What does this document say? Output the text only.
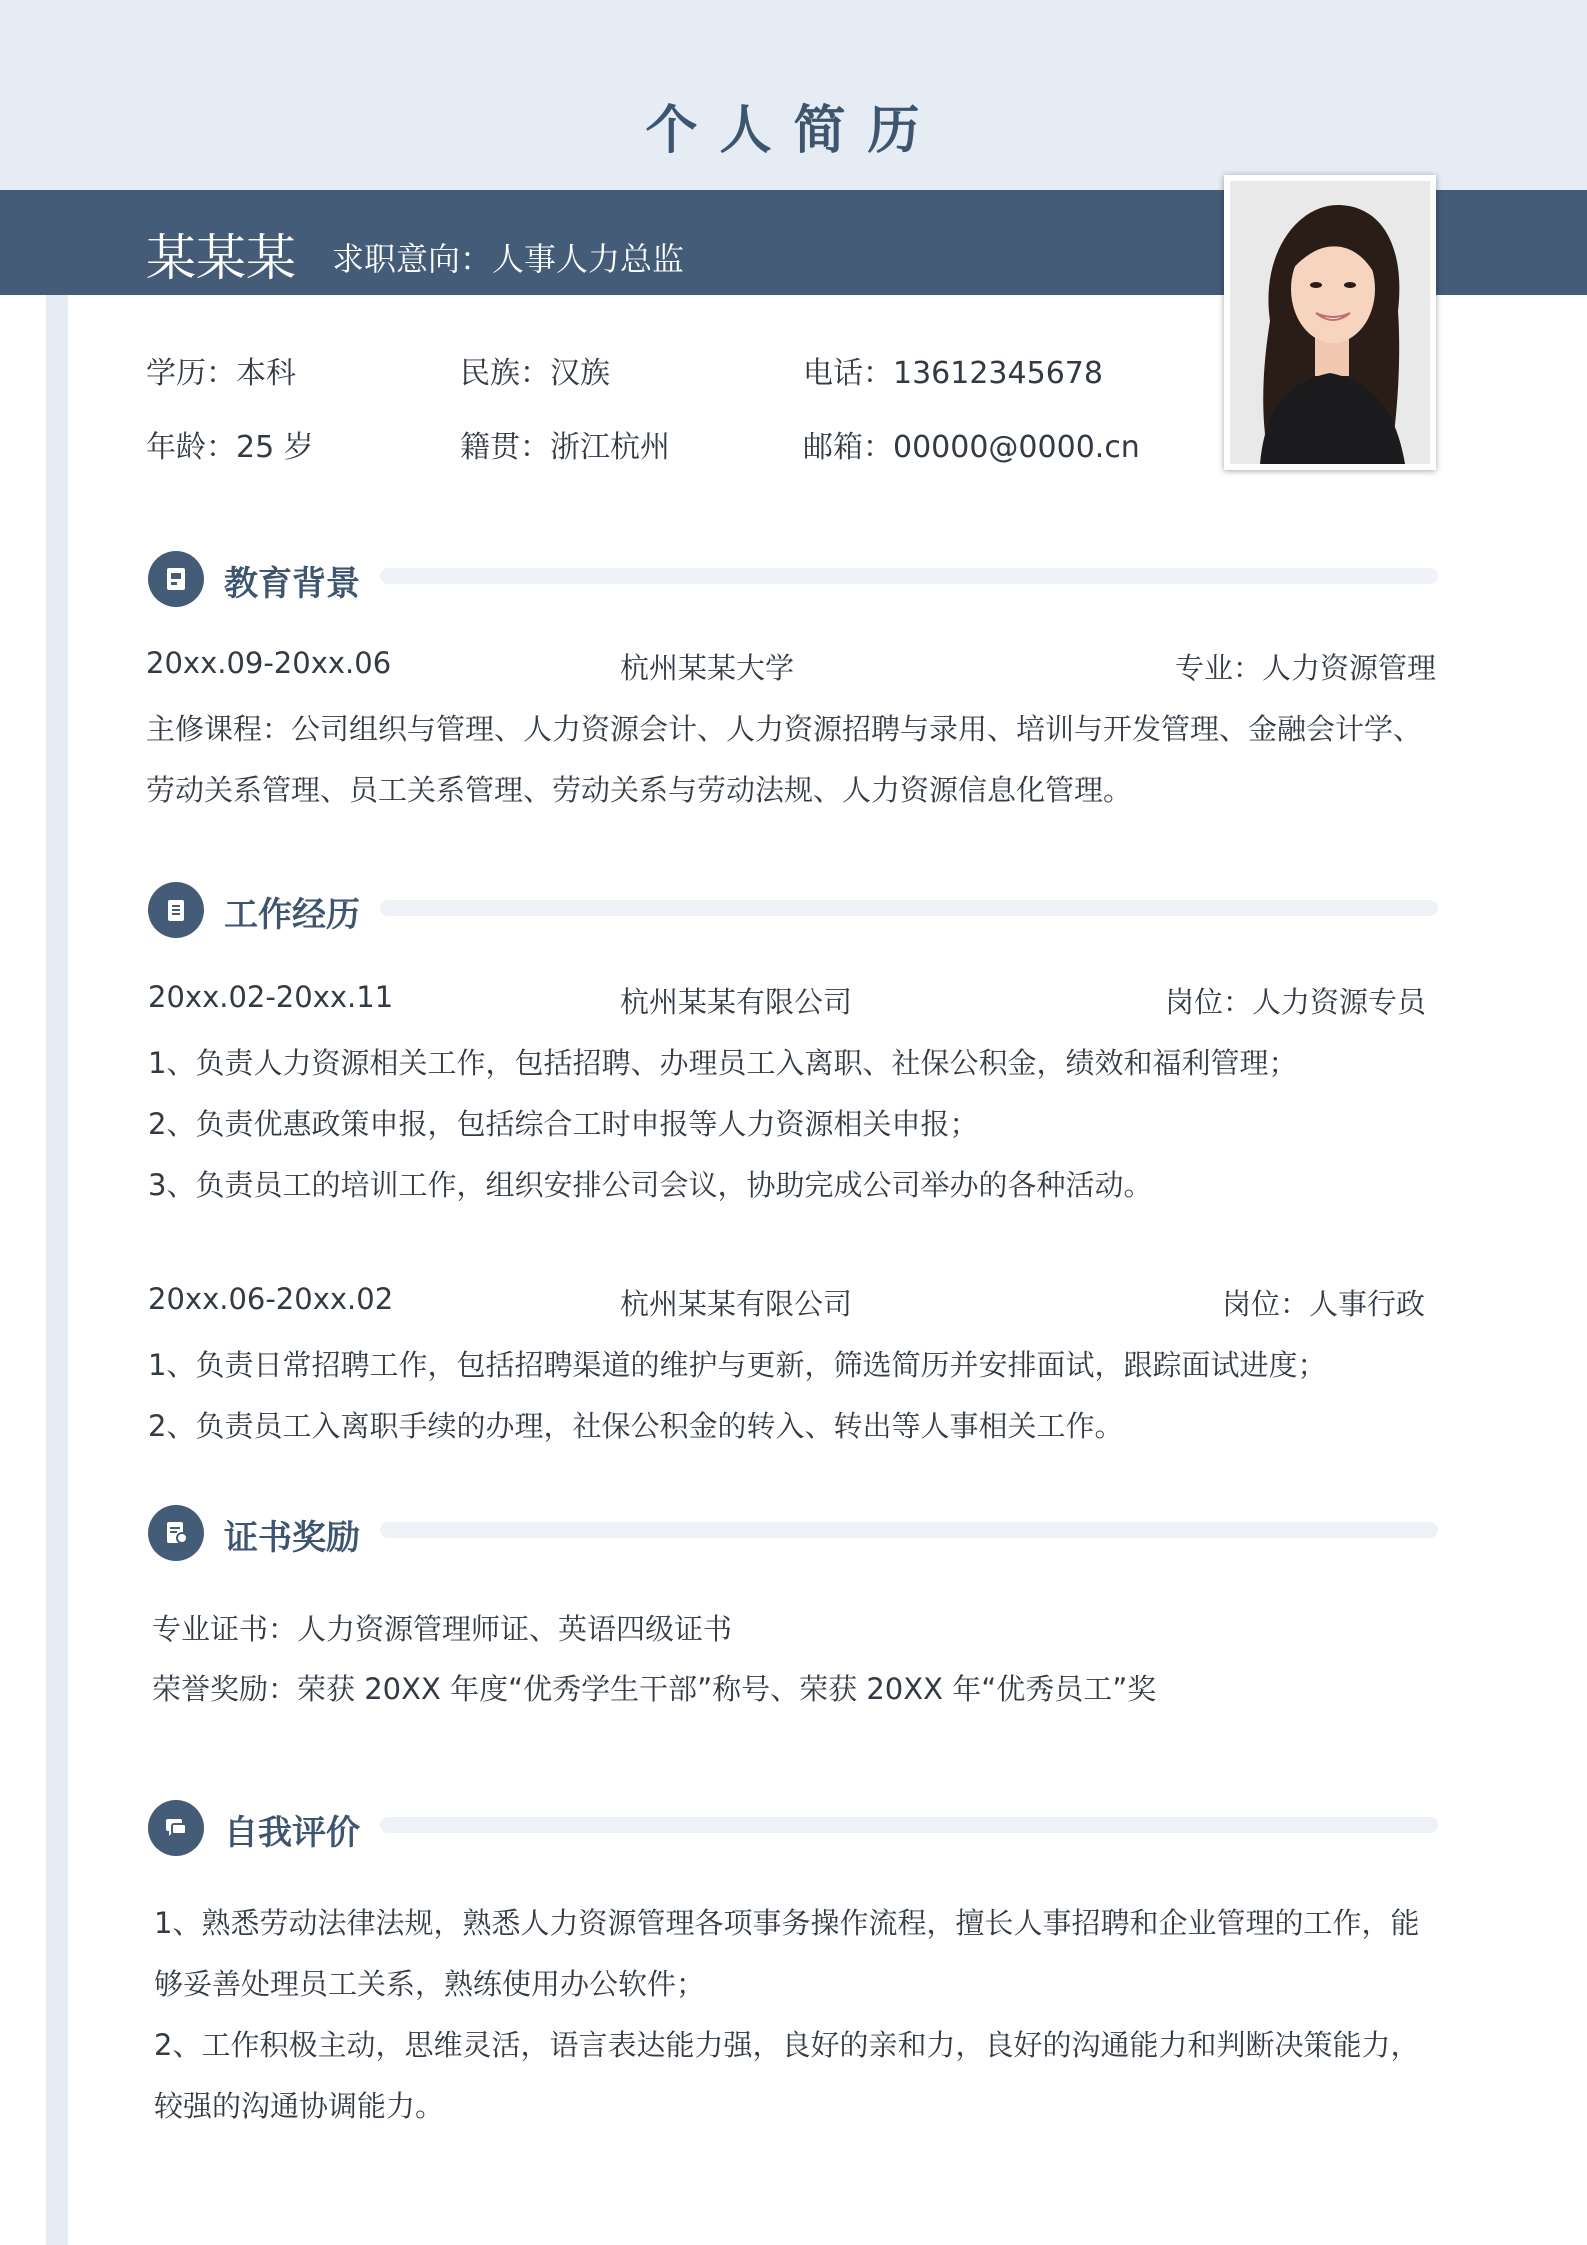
个人简历
某某某 求职意向：人事人力总监
学历：本科	民族：汉族	电话：13612345678
年龄：25 岁	籍贯：浙江杭州	邮箱：00000@0000.cn
教育背景
20xx.09-20xx.06	杭州某某大学	专业：人力资源管理
主修课程：公司组织与管理、人力资源会计、人力资源招聘与录用、培训与开发管理、金融会计学、
劳动关系管理、员工关系管理、劳动关系与劳动法规、人力资源信息化管理。
工作经历
20xx.02-20xx.11	杭州某某有限公司	岗位：人力资源专员
1、负责人力资源相关工作，包括招聘、办理员工入离职、社保公积金，绩效和福利管理；
2、负责优惠政策申报，包括综合工时申报等人力资源相关申报；
3、负责员工的培训工作，组织安排公司会议，协助完成公司举办的各种活动。
20xx.06-20xx.02	杭州某某有限公司	岗位：人事行政
1、负责日常招聘工作，包括招聘渠道的维护与更新，筛选简历并安排面试，跟踪面试进度；
2、负责员工入离职手续的办理，社保公积金的转入、转出等人事相关工作。
证书奖励
专业证书：人力资源管理师证、英语四级证书
荣誉奖励：荣获 20XX 年度“优秀学生干部”称号、荣获 20XX 年“优秀员工”奖
自我评价
1、熟悉劳动法律法规，熟悉人力资源管理各项事务操作流程，擅长人事招聘和企业管理的工作，能
够妥善处理员工关系，熟练使用办公软件；
2、工作积极主动，思维灵活，语言表达能力强，良好的亲和力，良好的沟通能力和判断决策能力，
较强的沟通协调能力。
